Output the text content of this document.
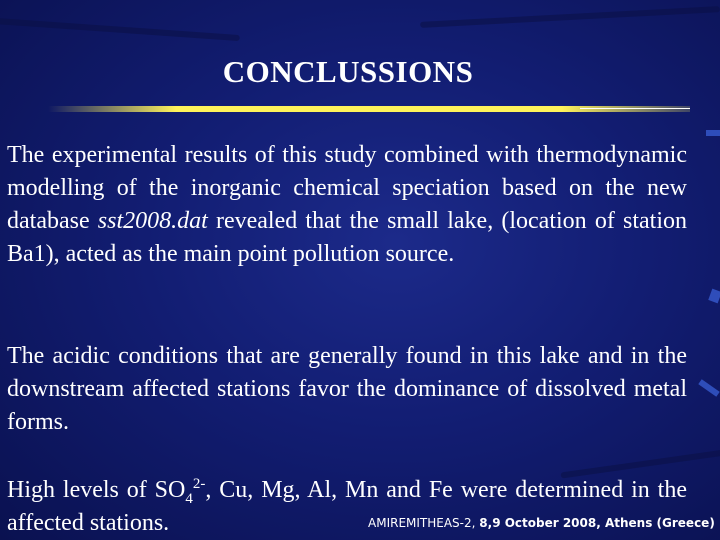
CONCLUSSIONS
The experimental results of this study combined with thermodynamic modelling of the inorganic chemical speciation based on the new database sst2008.dat revealed that the small lake, (location of station Ba1), acted as the main point pollution source.
The acidic conditions that are generally found in this lake and in the downstream affected stations favor the dominance of dissolved metal forms.
High levels of $SO_4^{2-}$, Cu, Mg, Al, Mn and Fe were determined in the affected stations.	AMIREMITHEAS-2, 8,9 October 2008, Athens (Greece)
